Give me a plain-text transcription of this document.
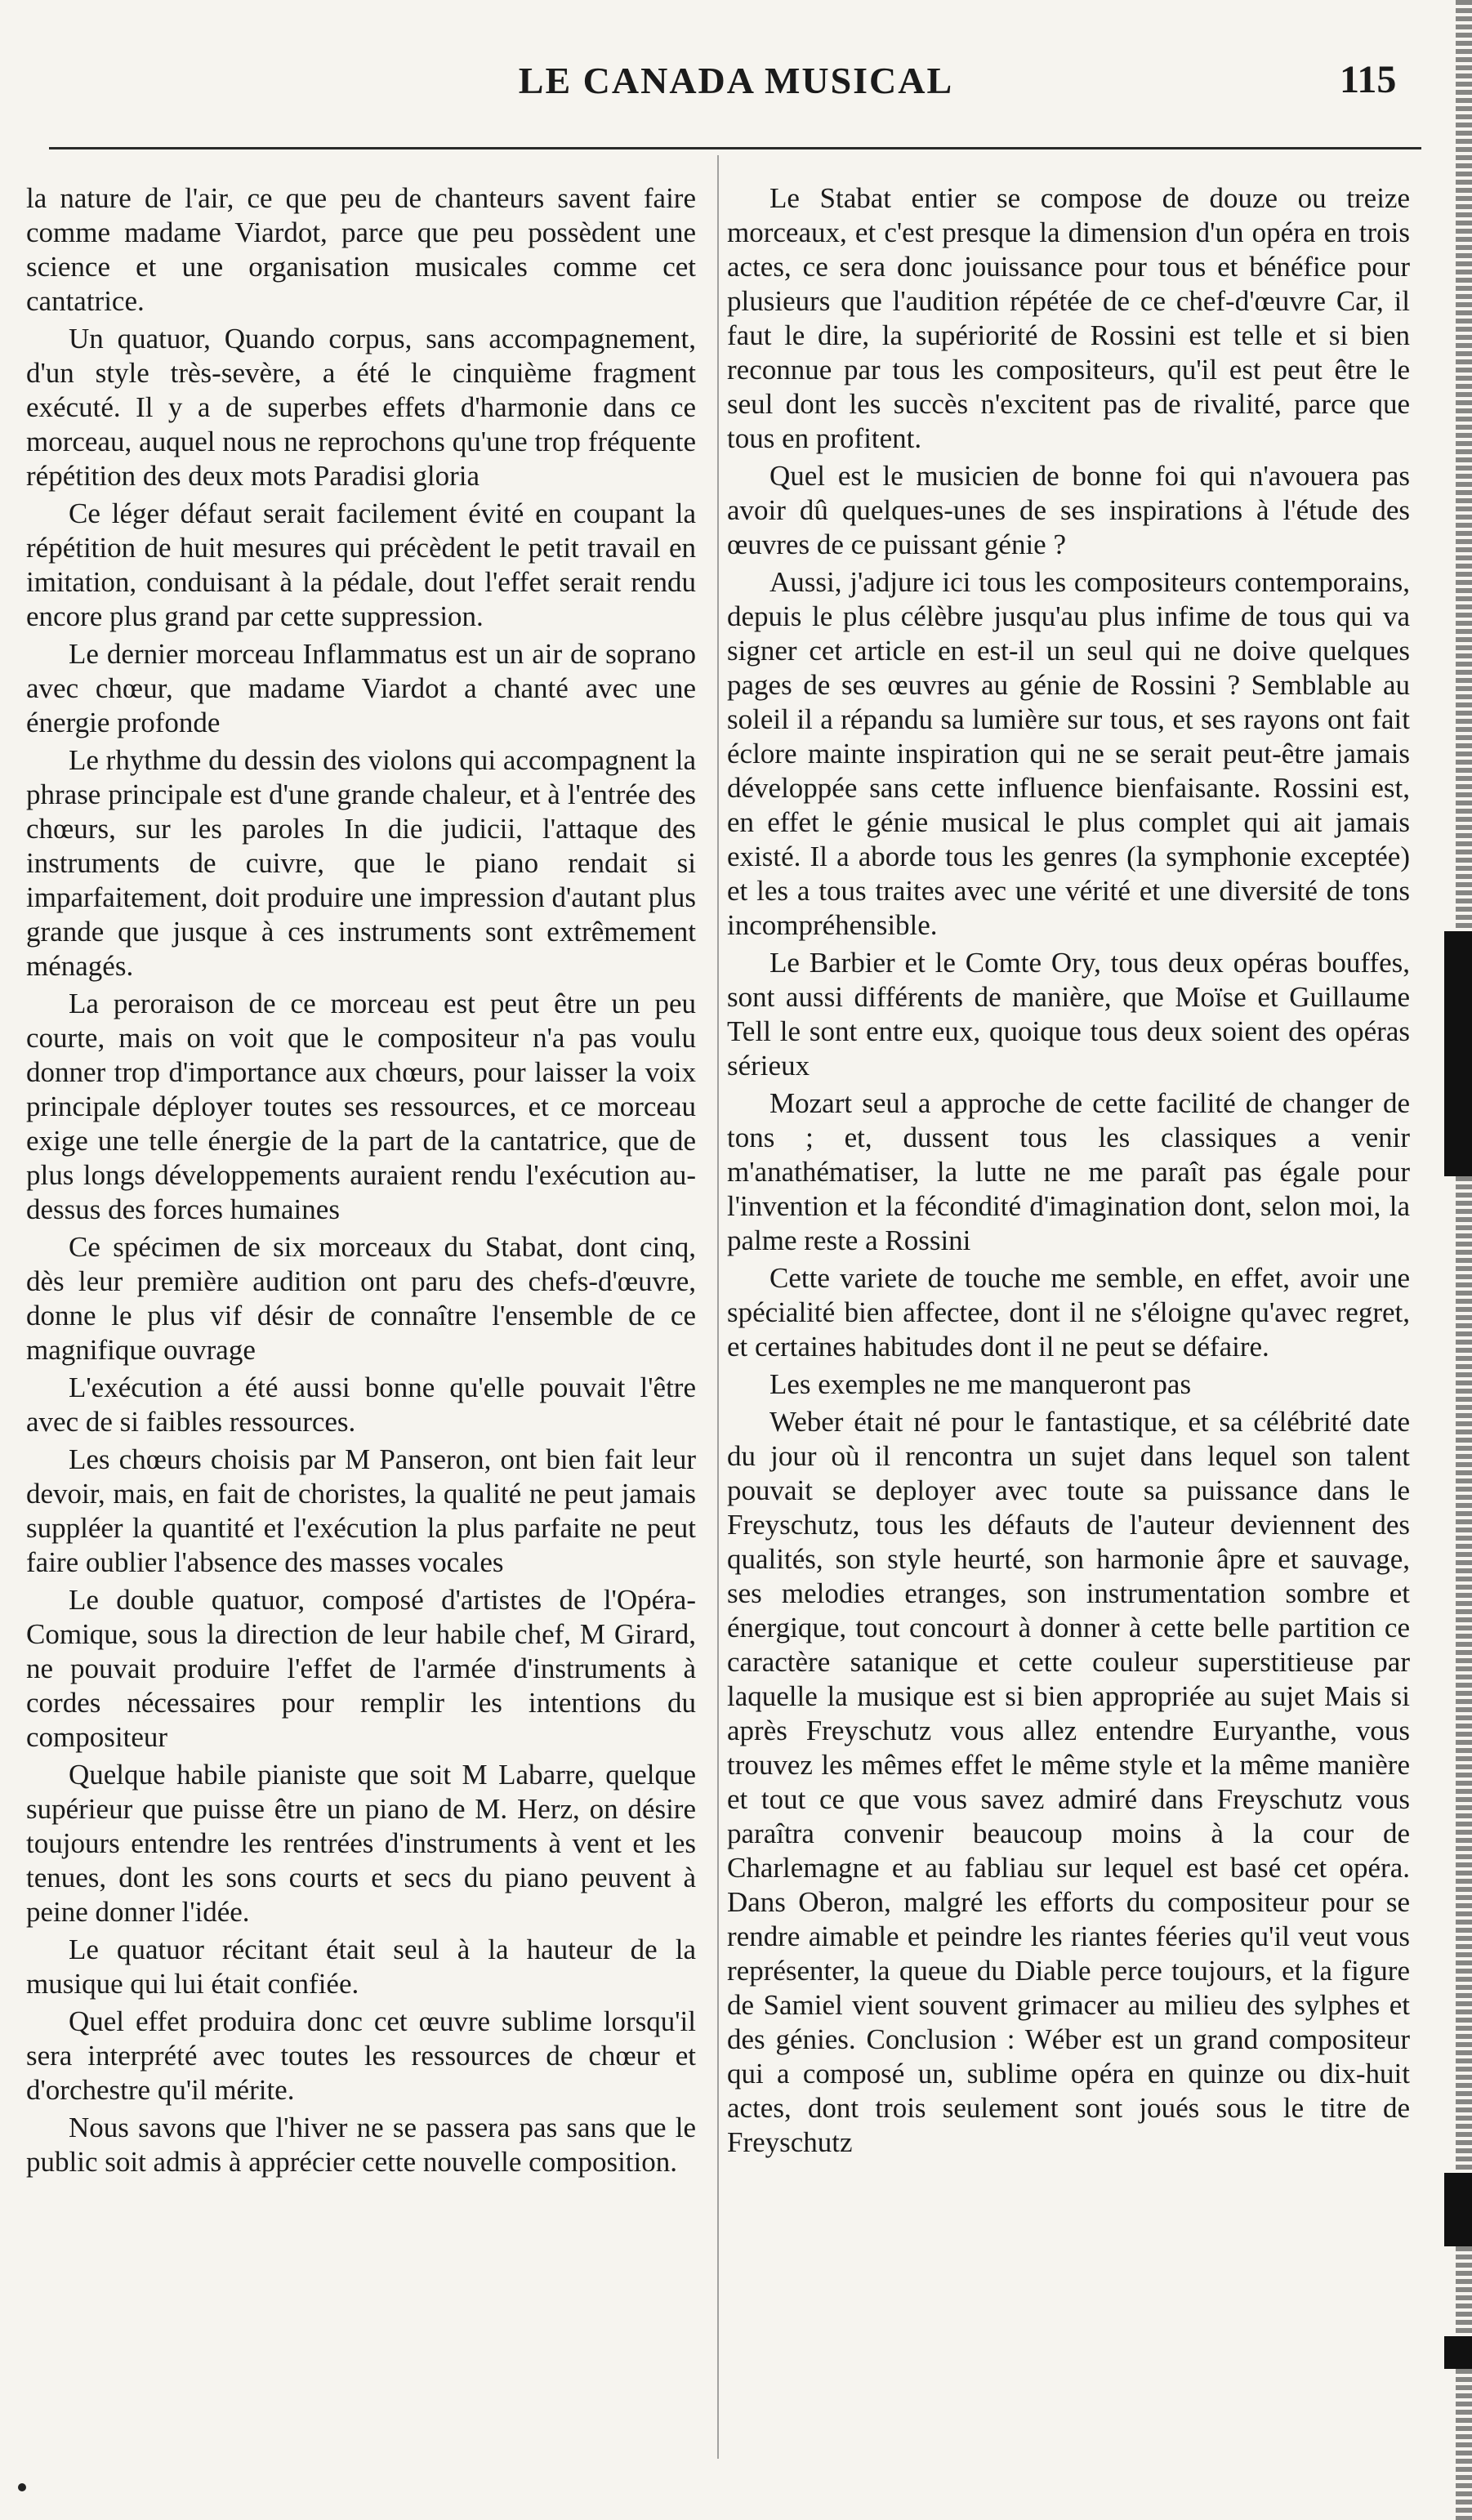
LE CANADA MUSICAL	115

la nature de l'air, ce que peu de chanteurs savent faire comme madame Viardot, parce que peu possèdent une science et une organisation musicales comme cet cantatrice.

Un quatuor, Quando corpus, sans accompagnement, d'un style très-sevère, a été le cinquième fragment exécuté. Il y a de superbes effets d'harmonie dans ce morceau, auquel nous ne reprochons qu'une trop fréquente répétition des deux mots Paradisi gloria

Ce léger défaut serait facilement évité en coupant la répétition de huit mesures qui précèdent le petit travail en imitation, conduisant à la pédale, dout l'effet serait rendu encore plus grand par cette suppression.

Le dernier morceau Inflammatus est un air de soprano avec chœur, que madame Viardot a chanté avec une énergie profonde

Le rhythme du dessin des violons qui accompagnent la phrase principale est d'une grande chaleur, et à l'entrée des chœurs, sur les paroles In die judicii, l'attaque des instruments de cuivre, que le piano rendait si imparfaitement, doit produire une impression d'autant plus grande que jusque à ces instruments sont extrêmement ménagés.

La peroraison de ce morceau est peut être un peu courte, mais on voit que le compositeur n'a pas voulu donner trop d'importance aux chœurs, pour laisser la voix principale déployer toutes ses ressources, et ce morceau exige une telle énergie de la part de la cantatrice, que de plus longs développements auraient rendu l'exécution au-dessus des forces humaines

Ce spécimen de six morceaux du Stabat, dont cinq, dès leur première audition ont paru des chefs-d'œuvre, donne le plus vif désir de connaître l'ensemble de ce magnifique ouvrage

L'exécution a été aussi bonne qu'elle pouvait l'être avec de si faibles ressources.

Les chœurs choisis par M Panseron, ont bien fait leur devoir, mais, en fait de choristes, la qualité ne peut jamais suppléer la quantité et l'exécution la plus parfaite ne peut faire oublier l'absence des masses vocales

Le double quatuor, composé d'artistes de l'Opéra-Comique, sous la direction de leur habile chef, M Girard, ne pouvait produire l'effet de l'armée d'instruments à cordes nécessaires pour remplir les intentions du compositeur

Quelque habile pianiste que soit M Labarre, quelque supérieur que puisse être un piano de M. Herz, on désire toujours entendre les rentrées d'instruments à vent et les tenues, dont les sons courts et secs du piano peuvent à peine donner l'idée.

Le quatuor récitant était seul à la hauteur de la musique qui lui était confiée.

Quel effet produira donc cet œuvre sublime lorsqu'il sera interprété avec toutes les ressources de chœur et d'orchestre qu'il mérite.

Nous savons que l'hiver ne se passera pas sans que le public soit admis à apprécier cette nouvelle composition.

Le Stabat entier se compose de douze ou treize morceaux, et c'est presque la dimension d'un opéra en trois actes, ce sera donc jouissance pour tous et bénéfice pour plusieurs que l'audition répétée de ce chef-d'œuvre Car, il faut le dire, la supériorité de Rossini est telle et si bien reconnue par tous les compositeurs, qu'il est peut être le seul dont les succès n'excitent pas de rivalité, parce que tous en profitent.

Quel est le musicien de bonne foi qui n'avouera pas avoir dû quelques-unes de ses inspirations à l'étude des œuvres de ce puissant génie ?

Aussi, j'adjure ici tous les compositeurs contemporains, depuis le plus célèbre jusqu'au plus infime de tous qui va signer cet article en est-il un seul qui ne doive quelques pages de ses œuvres au génie de Rossini ? Semblable au soleil il a répandu sa lumière sur tous, et ses rayons ont fait éclore mainte inspiration qui ne se serait peut-être jamais développée sans cette influence bienfaisante. Rossini est, en effet le génie musical le plus complet qui ait jamais existé. Il a aborde tous les genres (la symphonie exceptée) et les a tous traites avec une vérité et une diversité de tons incompréhensible.

Le Barbier et le Comte Ory, tous deux opéras bouffes, sont aussi différents de manière, que Moïse et Guillaume Tell le sont entre eux, quoique tous deux soient des opéras sérieux

Mozart seul a approche de cette facilité de changer de tons ; et, dussent tous les classiques a venir m'anathématiser, la lutte ne me paraît pas égale pour l'invention et la fécondité d'imagination dont, selon moi, la palme reste a Rossini

Cette variete de touche me semble, en effet, avoir une spécialité bien affectee, dont il ne s'éloigne qu'avec regret, et certaines habitudes dont il ne peut se défaire.

Les exemples ne me manqueront pas

Weber était né pour le fantastique, et sa célébrité date du jour où il rencontra un sujet dans lequel son talent pouvait se deployer avec toute sa puissance dans le Freyschutz, tous les défauts de l'auteur deviennent des qualités, son style heurté, son harmonie âpre et sauvage, ses melodies etranges, son instrumentation sombre et énergique, tout concourt à donner à cette belle partition ce caractère satanique et cette couleur superstitieuse par laquelle la musique est si bien appropriée au sujet Mais si après Freyschutz vous allez entendre Euryanthe, vous trouvez les mêmes effet le même style et la même manière et tout ce que vous savez admiré dans Freyschutz vous paraîtra convenir beaucoup moins à la cour de Charlemagne et au fabliau sur lequel est basé cet opéra. Dans Oberon, malgré les efforts du compositeur pour se rendre aimable et peindre les riantes féeries qu'il veut vous représenter, la queue du Diable perce toujours, et la figure de Samiel vient souvent grimacer au milieu des sylphes et des génies. Conclusion : Wéber est un grand compositeur qui a composé un, sublime opéra en quinze ou dix-huit actes, dont trois seulement sont joués sous le titre de Freyschutz
